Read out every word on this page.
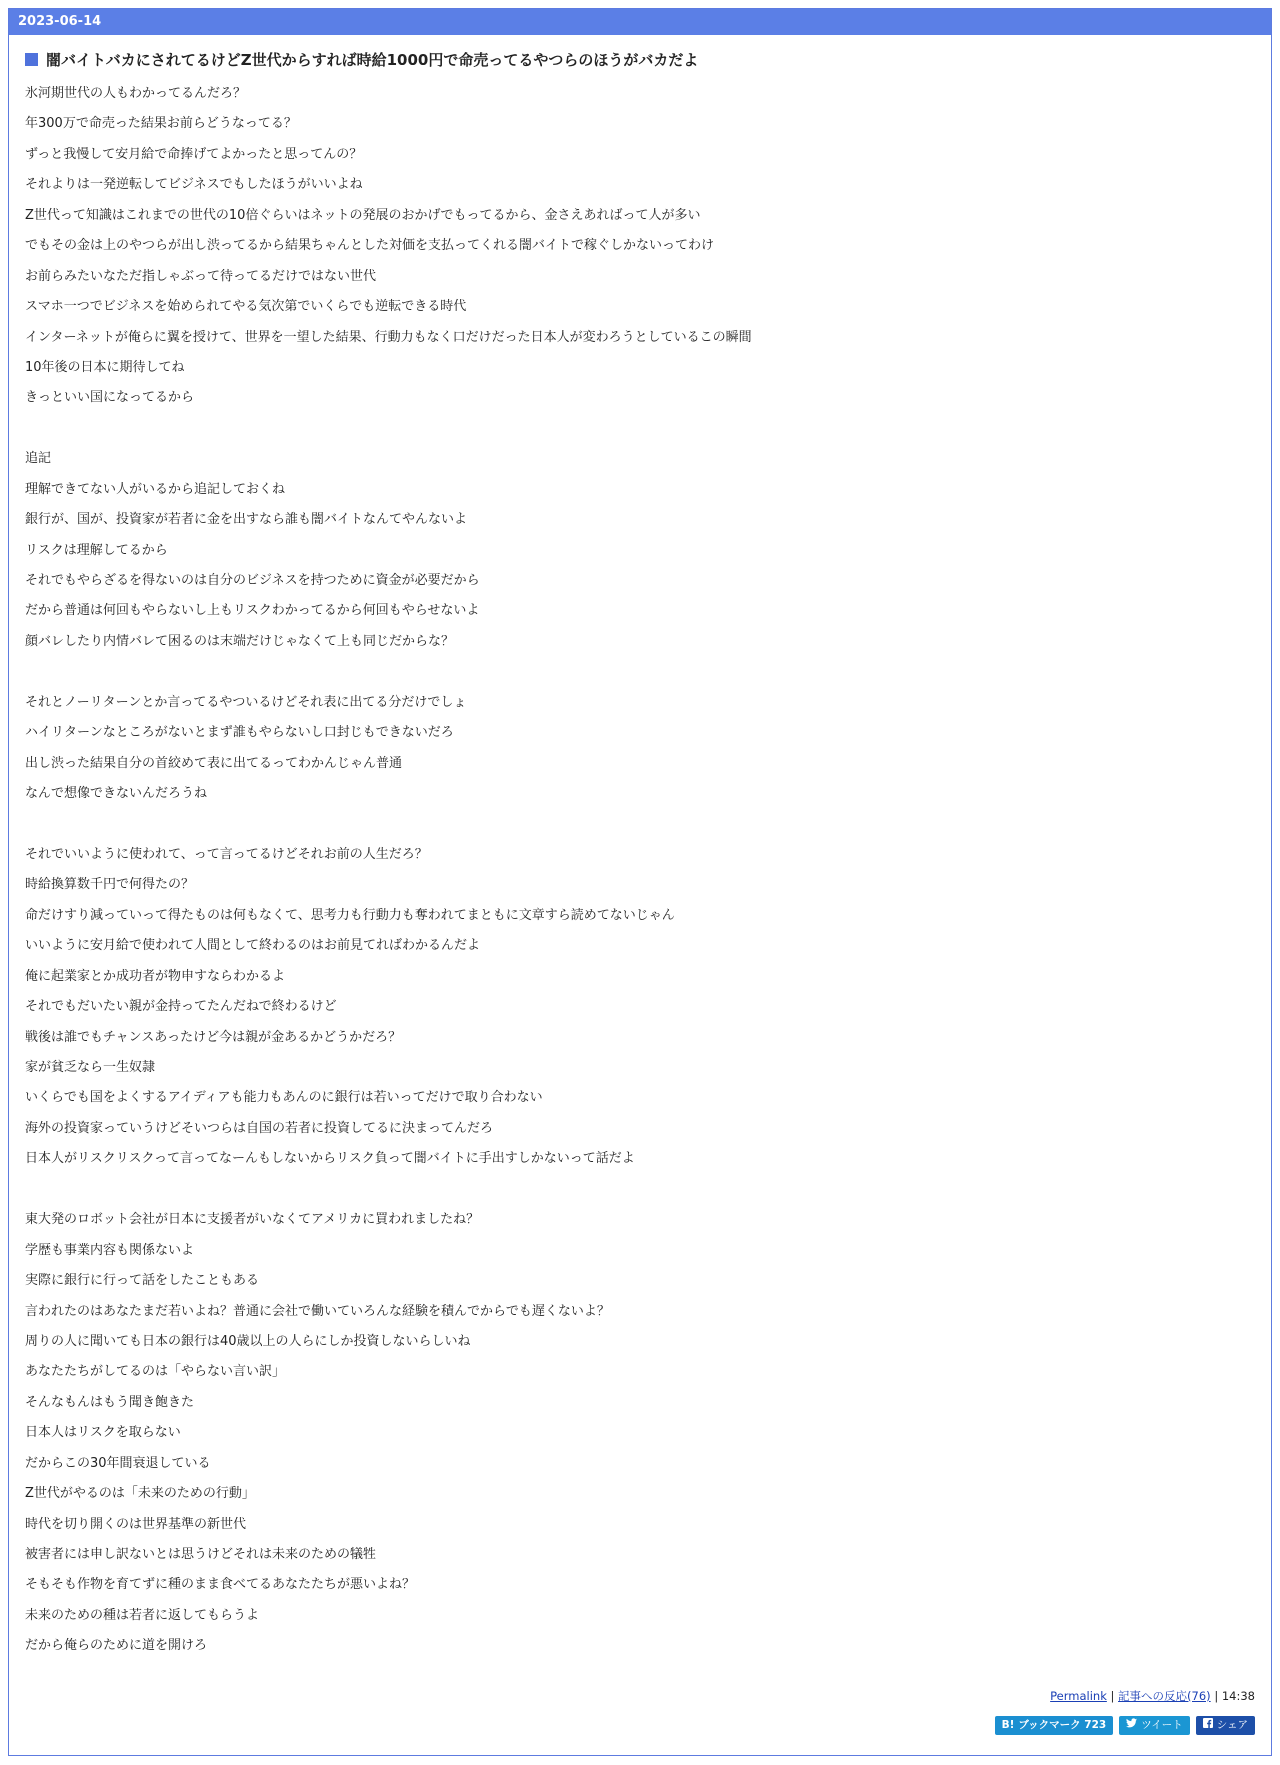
2023-06-14
闇バイトバカにされてるけどZ世代からすれば時給1000円で命売ってるやつらのほうがバカだよ
氷河期世代の人もわかってるんだろ？
年300万で命売った結果お前らどうなってる？
ずっと我慢して安月給で命捧げてよかったと思ってんの？
それよりは一発逆転してビジネスでもしたほうがいいよね
Z世代って知識はこれまでの世代の10倍ぐらいはネットの発展のおかげでもってるから、金さえあればって人が多い
でもその金は上のやつらが出し渋ってるから結果ちゃんとした対価を支払ってくれる闇バイトで稼ぐしかないってわけ
お前らみたいなただ指しゃぶって待ってるだけではない世代
スマホ一つでビジネスを始められてやる気次第でいくらでも逆転できる時代
インターネットが俺らに翼を授けて、世界を一望した結果、行動力もなく口だけだった日本人が変わろうとしているこの瞬間
10年後の日本に期待してね
きっといい国になってるから
追記
理解できてない人がいるから追記しておくね
銀行が、国が、投資家が若者に金を出すなら誰も闇バイトなんてやんないよ
リスクは理解してるから
それでもやらざるを得ないのは自分のビジネスを持つために資金が必要だから
だから普通は何回もやらないし上もリスクわかってるから何回もやらせないよ
顔バレしたり内情バレて困るのは末端だけじゃなくて上も同じだからな？
それとノーリターンとか言ってるやついるけどそれ表に出てる分だけでしょ
ハイリターンなところがないとまず誰もやらないし口封じもできないだろ
出し渋った結果自分の首絞めて表に出てるってわかんじゃん普通
なんで想像できないんだろうね
それでいいように使われて、って言ってるけどそれお前の人生だろ？
時給換算数千円で何得たの？
命だけすり減っていって得たものは何もなくて、思考力も行動力も奪われてまともに文章すら読めてないじゃん
いいように安月給で使われて人間として終わるのはお前見てればわかるんだよ
俺に起業家とか成功者が物申すならわかるよ
それでもだいたい親が金持ってたんだねで終わるけど
戦後は誰でもチャンスあったけど今は親が金あるかどうかだろ？
家が貧乏なら一生奴隷
いくらでも国をよくするアイディアも能力もあんのに銀行は若いってだけで取り合わない
海外の投資家っていうけどそいつらは自国の若者に投資してるに決まってんだろ
日本人がリスクリスクって言ってなーんもしないからリスク負って闇バイトに手出すしかないって話だよ
東大発のロボット会社が日本に支援者がいなくてアメリカに買われましたね？
学歴も事業内容も関係ないよ
実際に銀行に行って話をしたこともある
言われたのはあなたまだ若いよね？普通に会社で働いていろんな経験を積んでからでも遅くないよ？
周りの人に聞いても日本の銀行は40歳以上の人らにしか投資しないらしいね
あなたたちがしてるのは「やらない言い訳」
そんなもんはもう聞き飽きた
日本人はリスクを取らない
だからこの30年間衰退している
Z世代がやるのは「未来のための行動」
時代を切り開くのは世界基準の新世代
被害者には申し訳ないとは思うけどそれは未来のための犠牲
そもそも作物を育てずに種のまま食べてるあなたたちが悪いよね？
未来のための種は若者に返してもらうよ
だから俺らのために道を開けろ
Permalink | 記事への反応(76) | 14:38
B! ブックマーク 723	ツイート	シェア
